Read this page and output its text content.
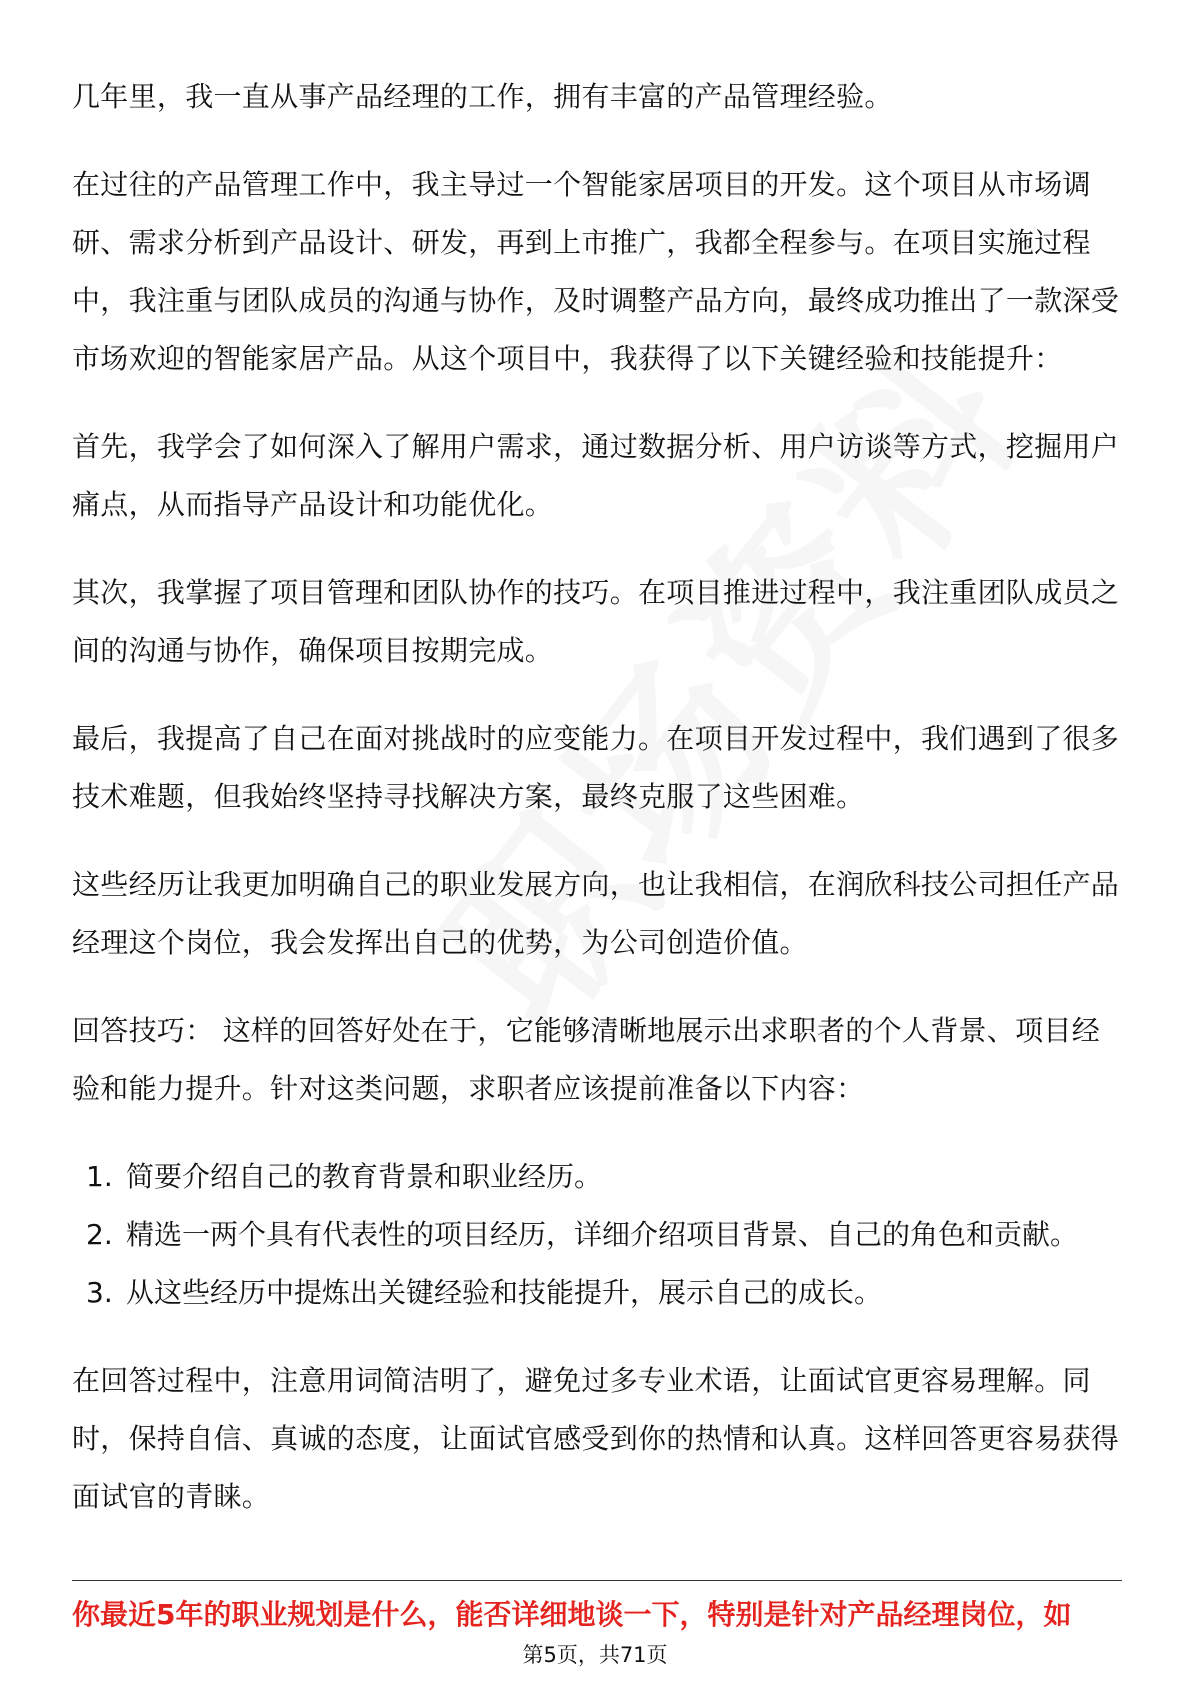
几年里，我一直从事产品经理的工作，拥有丰富的产品管理经验。

在过往的产品管理工作中，我主导过一个智能家居项目的开发。这个项目从市场调研、需求分析到产品设计、研发，再到上市推广，我都全程参与。在项目实施过程中，我注重与团队成员的沟通与协作，及时调整产品方向，最终成功推出了一款深受市场欢迎的智能家居产品。从这个项目中，我获得了以下关键经验和技能提升：

首先，我学会了如何深入了解用户需求，通过数据分析、用户访谈等方式，挖掘用户痛点，从而指导产品设计和功能优化。

其次，我掌握了项目管理和团队协作的技巧。在项目推进过程中，我注重团队成员之间的沟通与协作，确保项目按期完成。

最后，我提高了自己在面对挑战时的应变能力。在项目开发过程中，我们遇到了很多技术难题，但我始终坚持寻找解决方案，最终克服了这些困难。

这些经历让我更加明确自己的职业发展方向，也让我相信，在润欣科技公司担任产品经理这个岗位，我会发挥出自己的优势，为公司创造价值。

回答技巧： 这样的回答好处在于，它能够清晰地展示出求职者的个人背景、项目经验和能力提升。针对这类问题，求职者应该提前准备以下内容：

1. 简要介绍自己的教育背景和职业经历。
2. 精选一两个具有代表性的项目经历，详细介绍项目背景、自己的角色和贡献。
3. 从这些经历中提炼出关键经验和技能提升，展示自己的成长。

在回答过程中，注意用词简洁明了，避免过多专业术语，让面试官更容易理解。同时，保持自信、真诚的态度，让面试官感受到你的热情和认真。这样回答更容易获得面试官的青睐。

你最近5年的职业规划是什么，能否详细地谈一下，特别是针对产品经理岗位，如
第5页，共71页
